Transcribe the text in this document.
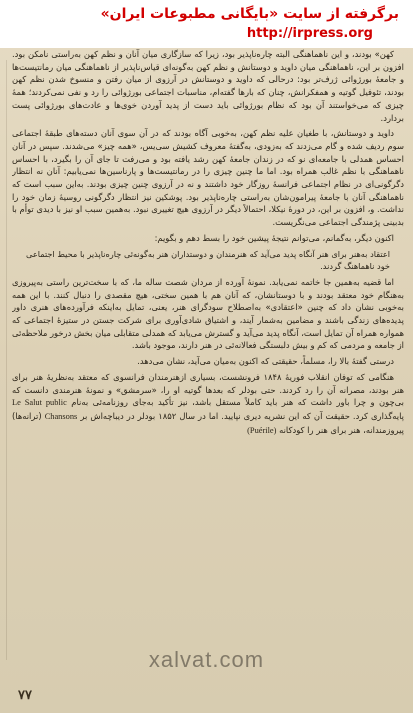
برگرفته از سایت «بایگانی مطبوعات ایران»
http://irpress.org

کهن» بودند، و این ناهماهنگی البته چاره‌ناپذیر بود، زیرا که سازگاری میان آنان و نظم کهن به‌راستی نامکن بود. افزون بر این، ناهماهنگی میان داوید و دوستانش و نظم کهن به‌گونه‌ای قیاس‌ناپذیر از ناهماهنگی میان رمانتیست‌ها و جامعهٔ بورژوائی ژرف‌تر بود: درحالی که داوید و دوستانش در آرزوی از میان رفتن و منسوخ شدن نظم کهن بودند، تئوفیل گوتیه و همفکرانش، چنان که بارها گفته‌ام، مناسبات اجتماعی بورژوائی را رد و نفی نمی‌کردند؛ همهٔ چیزی که می‌خواستند آن بود که نظام بورژوائی باید دست از پدید آوردن خوی‌ها و عادت‌های بورژوائی پست بردارد.

داوید و دوستانش، با طغیان علیه نظم کهن، به‌خوبی آگاه بودند که در آن سوی آنان دسته‌های طبقهٔ اجتماعی سوم ردیف شده و گام می‌زدند که به‌زودی، به‌گفتهٔ معروف کشیش سی‌یس، «همه چیز» می‌شدند. سپس در آنان احساس همدلی با جامعه‌ای نو که در زندان جامعهٔ کهن رشد یافته بود و می‌رفت تا جای آن را بگیرد، با احساس ناهماهنگی با نظم غالب همراه بود. اما ما چنین چیزی را در رمانتیست‌ها و پارناسین‌ها نمی‌یابیم: آنان نه انتظار دگرگونی‌ای در نظام اجتماعی فرانسهٔ روزگار خود داشتند و نه در آرزوی چنین چیزی بودند. به‌این سبب است که ناهماهنگی آنان با جامعهٔ پیرامون‌شان به‌راستی چاره‌ناپذیر بود. پوشکین نیز انتظار دگرگونی روسیهٔ زمان خود را نداشت. و، افزون بر این، در دورهٔ نیکلا، احتمالاً دیگر در آرزوی هیچ تغییری نبود. به‌همین سبب او نیز با دیدی توأم با بدبینی پژمندگی اجتماعی می‌نگریست.

اکنون دیگر، به‌گمانم، می‌توانم نتیجهٔ پیشین خود را بسط دهم و بگویم:

اعتقاد به‌هنر برای هنر آنگاه پدید می‌آید که هنرمندان و دوستداران هنر به‌گونه‌ئی چاره‌ناپذیر با محیط اجتماعی خود ناهماهنگ گردند.

اما قضیه به‌همین جا خاتمه نمی‌یابد. نمونهٔ آورده از مردان شصت ساله ما، که با سخت‌ترین راستی به‌پیروزی به‌هنگام خود معتقد بودند و با دوستانشان، که آنان هم با همین سختی، هیچ مقصدی را دنبال کنند. با این همه به‌خوبی نشان داد که چنین «اعتقادی» به‌اصطلاح سودگرای هنر، یعنی، تمایل به‌اینکه فرآورده‌های هنری داور پدیده‌های زندگی باشند و مضامین به‌شمار آیند، و اشتیاق شادی‌آوری برای شرکت جستن در ستیزهٔ اجتماعی که همواره همراه آن تمایل است، آنگاه پدید می‌آید و گسترش می‌یابد که همدلی متقابلی میان بخش درخور ملاحظه‌ئی از جامعه و مردمی که کم و بیش دلبستگی فعالانه‌ئی در هنر دارند، موجود باشد.

درستی گفتهٔ بالا را، مسلماً، حقیقتی که اکنون به‌میان می‌آید، نشان می‌دهد.

هنگامی که توفان انقلاب فوریهٔ ۱۸۴۸ فرونشست، بسیاری ازهنرمندان فرانسوی که معتقد به‌نظریهٔ هنر برای هنر بودند، مصرانه آن را رد کردند. حتی بودلر که بعدها گوتیه او را، «سرمشق» و نمونهٔ هنرمندی دانست که بی‌چون و چرا باور داشت که هنر باید کاملاً مستقل باشد، نیز تأکید به‌جای روزنامه‌ئی به‌نام Le Salut public پایه‌گذاری کرد. حقیقت آن که این نشریه دیری نپایید. اما در سال ۱۸۵۲ بودلر در دیباچه‌اش بر Chansons (ترانه‌ها) پیروزمندانه، هنر برای هنر را کودکانه (Puérile)

xalvat.com
۷۷
